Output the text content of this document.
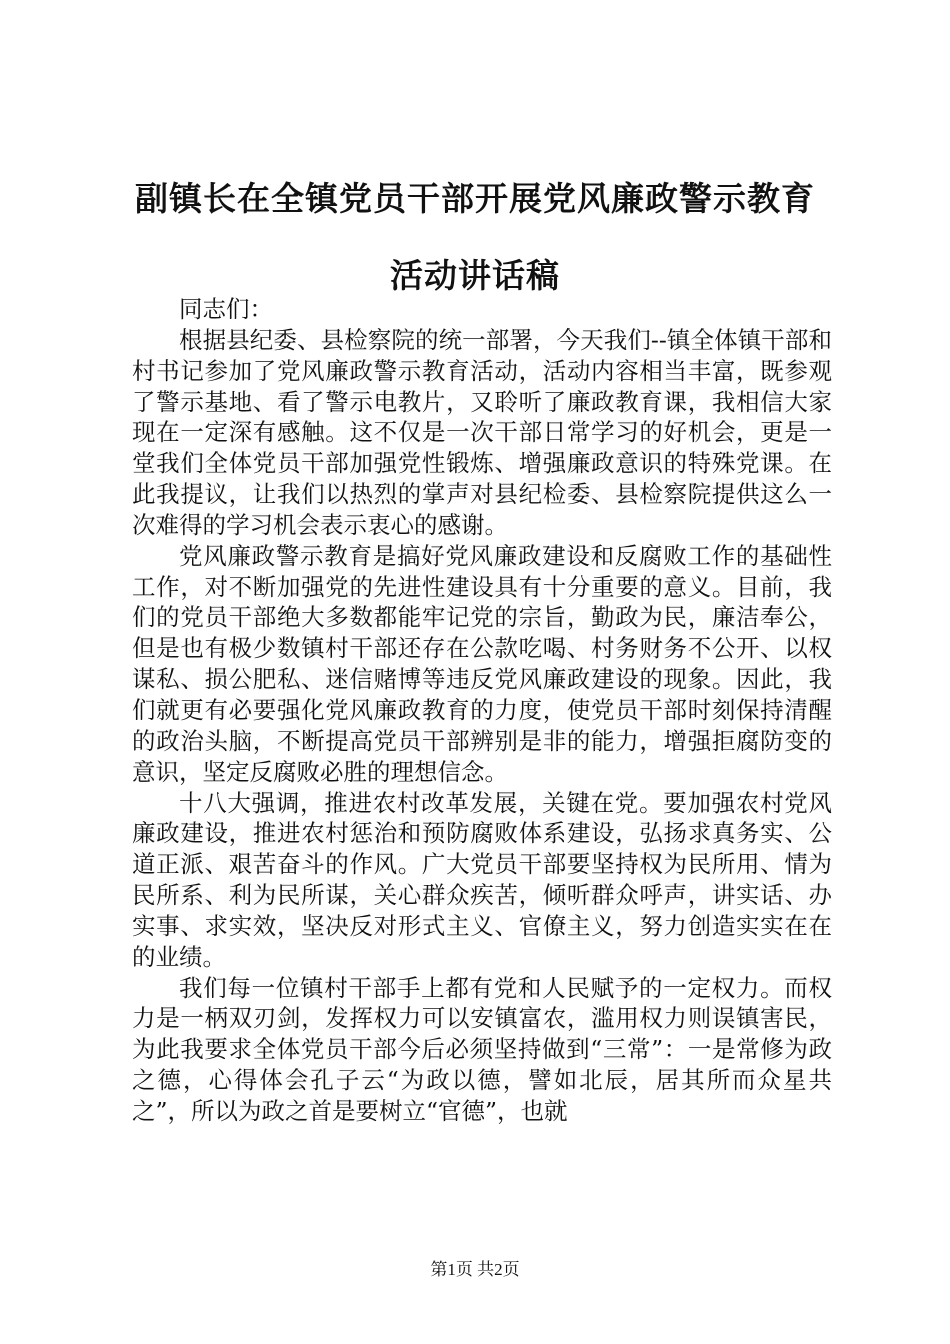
副镇长在全镇党员干部开展党风廉政警示教育
活动讲话稿

同志们：

根据县纪委、县检察院的统一部署，今天我们--镇全体镇干部和村书记参加了党风廉政警示教育活动，活动内容相当丰富，既参观了警示基地、看了警示电教片，又聆听了廉政教育课，我相信大家现在一定深有感触。这不仅是一次干部日常学习的好机会，更是一堂我们全体党员干部加强党性锻炼、增强廉政意识的特殊党课。在此我提议，让我们以热烈的掌声对县纪检委、县检察院提供这么一次难得的学习机会表示衷心的感谢。

党风廉政警示教育是搞好党风廉政建设和反腐败工作的基础性工作，对不断加强党的先进性建设具有十分重要的意义。目前，我们的党员干部绝大多数都能牢记党的宗旨，勤政为民，廉洁奉公，但是也有极少数镇村干部还存在公款吃喝、村务财务不公开、以权谋私、损公肥私、迷信赌博等违反党风廉政建设的现象。因此，我们就更有必要强化党风廉政教育的力度，使党员干部时刻保持清醒的政治头脑，不断提高党员干部辨别是非的能力，增强拒腐防变的意识，坚定反腐败必胜的理想信念。

十八大强调，推进农村改革发展，关键在党。要加强农村党风廉政建设，推进农村惩治和预防腐败体系建设，弘扬求真务实、公道正派、艰苦奋斗的作风。广大党员干部要坚持权为民所用、情为民所系、利为民所谋，关心群众疾苦，倾听群众呼声，讲实话、办实事、求实效，坚决反对形式主义、官僚主义，努力创造实实在在的业绩。

我们每一位镇村干部手上都有党和人民赋予的一定权力。而权力是一柄双刃剑，发挥权力可以安镇富农，滥用权力则误镇害民，为此我要求全体党员干部今后必须坚持做到“三常”：一是常修为政之德，心得体会孔子云“为政以德，譬如北辰，居其所而众星共之”，所以为政之首是要树立“官德”，也就

第1页 共2页
